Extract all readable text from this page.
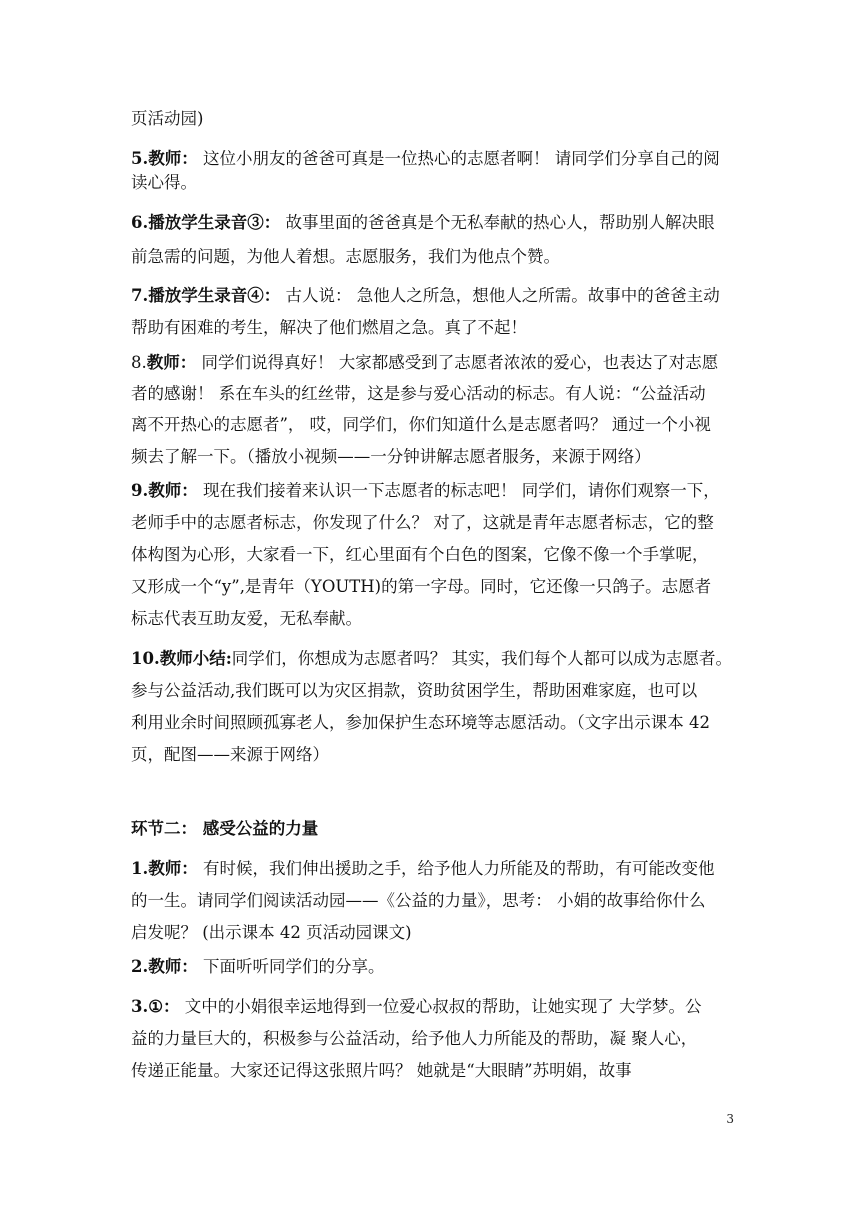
页活动园)
5.教师： 这位小朋友的爸爸可真是一位热心的志愿者啊！ 请同学们分享自己的阅
读心得。
6.播放学生录音③： 故事里面的爸爸真是个无私奉献的热心人，帮助别人解决眼
前急需的问题，为他人着想。志愿服务，我们为他点个赞。
7.播放学生录音④： 古人说： 急他人之所急，想他人之所需。故事中的爸爸主动
帮助有困难的考生，解决了他们燃眉之急。真了不起！
8.教师： 同学们说得真好！ 大家都感受到了志愿者浓浓的爱心，也表达了对志愿
者的感谢！ 系在车头的红丝带，这是参与爱心活动的标志。有人说：“公益活动
离不开热心的志愿者”， 哎，同学们，你们知道什么是志愿者吗？ 通过一个小视
频去了解一下。（播放小视频——一分钟讲解志愿者服务，来源于网络）
9.教师： 现在我们接着来认识一下志愿者的标志吧！ 同学们，请你们观察一下，
老师手中的志愿者标志，你发现了什么？ 对了，这就是青年志愿者标志，它的整
体构图为心形，大家看一下，红心里面有个白色的图案，它像不像一个手掌呢，
又形成一个“y”,是青年（YOUTH)的第一字母。同时，它还像一只鸽子。志愿者
标志代表互助友爱，无私奉献。
10.教师小结:同学们，你想成为志愿者吗？ 其实，我们每个人都可以成为志愿者。
参与公益活动,我们既可以为灾区捐款，资助贫困学生，帮助困难家庭，也可以
利用业余时间照顾孤寡老人，参加保护生态环境等志愿活动。（文字出示课本 42
页，配图——来源于网络）
环节二： 感受公益的力量
1.教师： 有时候，我们伸出援助之手，给予他人力所能及的帮助，有可能改变他
的一生。请同学们阅读活动园——《公益的力量》，思考： 小娟的故事给你什么
启发呢？ (出示课本 42 页活动园课文)
2.教师： 下面听听同学们的分享。
3.①： 文中的小娟很幸运地得到一位爱心叔叔的帮助，让她实现了 大学梦。公
益的力量巨大的，积极参与公益活动，给予他人力所能及的帮助，凝 聚人心，
传递正能量。大家还记得这张照片吗？ 她就是“大眼睛”苏明娟，故事
3
